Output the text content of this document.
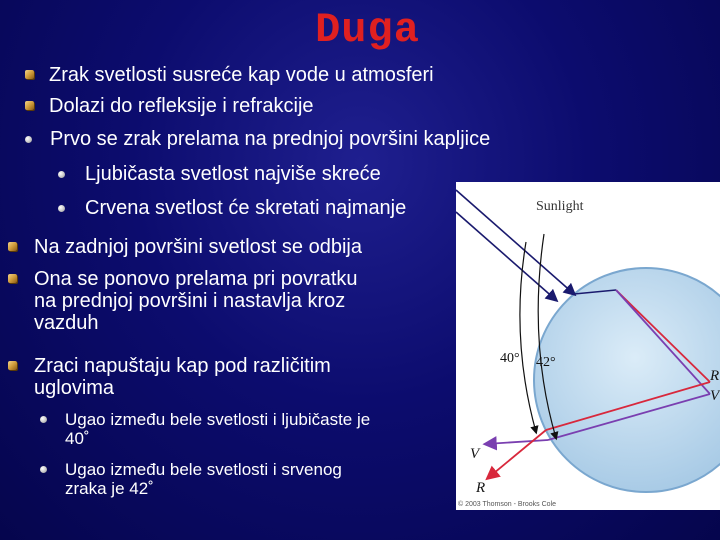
Duga
Zrak svetlosti susreće kap vode u atmosferi
Dolazi do refleksije i refrakcije
Prvo se zrak prelama na prednjoj površini kapljice
Ljubičasta svetlost najviše skreće
Crvena svetlost će skretati najmanje
Na zadnjoj površini svetlost se odbija
Ona se ponovo prelama pri povratku
na prednjoj površini i nastavlja kroz
vazduh
Zraci napuštaju kap pod različitim
uglovima
Ugao između bele svetlosti i ljubičaste je
40˚
Ugao između bele svetlosti i srvenog
zraka je 42˚
Sunlight
40° 42°
R
V
V
R
© 2003 Thomson - Brooks Cole
